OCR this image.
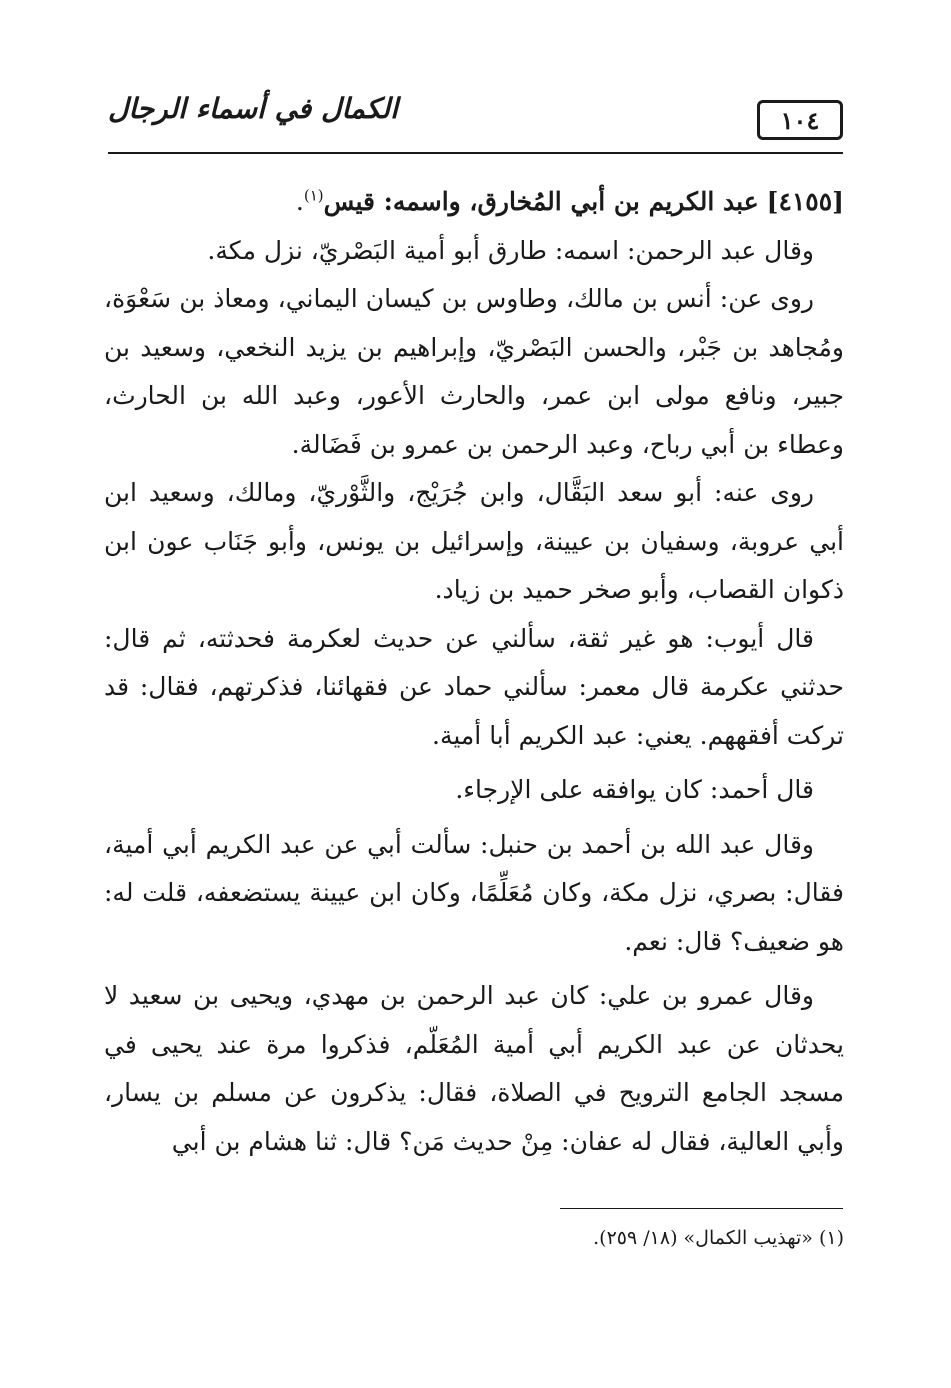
الكمال في أسماء الرجال	١٠٤

[٤١٥٥] عبد الكريم بن أبي المُخارق، واسمه: قيس$^{(١)}$.

وقال عبد الرحمن: اسمه: طارق أبو أمية البَصْريّ، نزل مكة.

روى عن: أنس بن مالك، وطاوس بن كيسان اليماني، ومعاذ بن سَعْوَة، ومُجاهد بن جَبْر، والحسن البَصْريّ، وإبراهيم بن يزيد النخعي، وسعيد بن جبير، ونافع مولى ابن عمر، والحارث الأعور، وعبد الله بن الحارث، وعطاء بن أبي رباح، وعبد الرحمن بن عمرو بن فَضَالة.

روى عنه: أبو سعد البَقَّال، وابن جُرَيْج، والثَّوْريّ، ومالك، وسعيد ابن أبي عروبة، وسفيان بن عيينة، وإسرائيل بن يونس، وأبو جَنَاب عون ابن ذكوان القصاب، وأبو صخر حميد بن زياد.

قال أيوب: هو غير ثقة، سألني عن حديث لعكرمة فحدثته، ثم قال: حدثني عكرمة قال معمر: سألني حماد عن فقهائنا، فذكرتهم، فقال: قد تركت أفقههم. يعني: عبد الكريم أبا أمية.

قال أحمد: كان يوافقه على الإرجاء.

وقال عبد الله بن أحمد بن حنبل: سألت أبي عن عبد الكريم أبي أمية، فقال: بصري، نزل مكة، وكان مُعَلِّمًا، وكان ابن عيينة يستضعفه، قلت له: هو ضعيف؟ قال: نعم.

وقال عمرو بن علي: كان عبد الرحمن بن مهدي، ويحيى بن سعيد لا يحدثان عن عبد الكريم أبي أمية المُعَلّم، فذكروا مرة عند يحيى في مسجد الجامع الترويح في الصلاة، فقال: يذكرون عن مسلم بن يسار، وأبي العالية، فقال له عفان: مِنْ حديث مَن؟ قال: ثنا هشام بن أبي

(١) «تهذيب الكمال» (١٨/ ٢٥٩).
